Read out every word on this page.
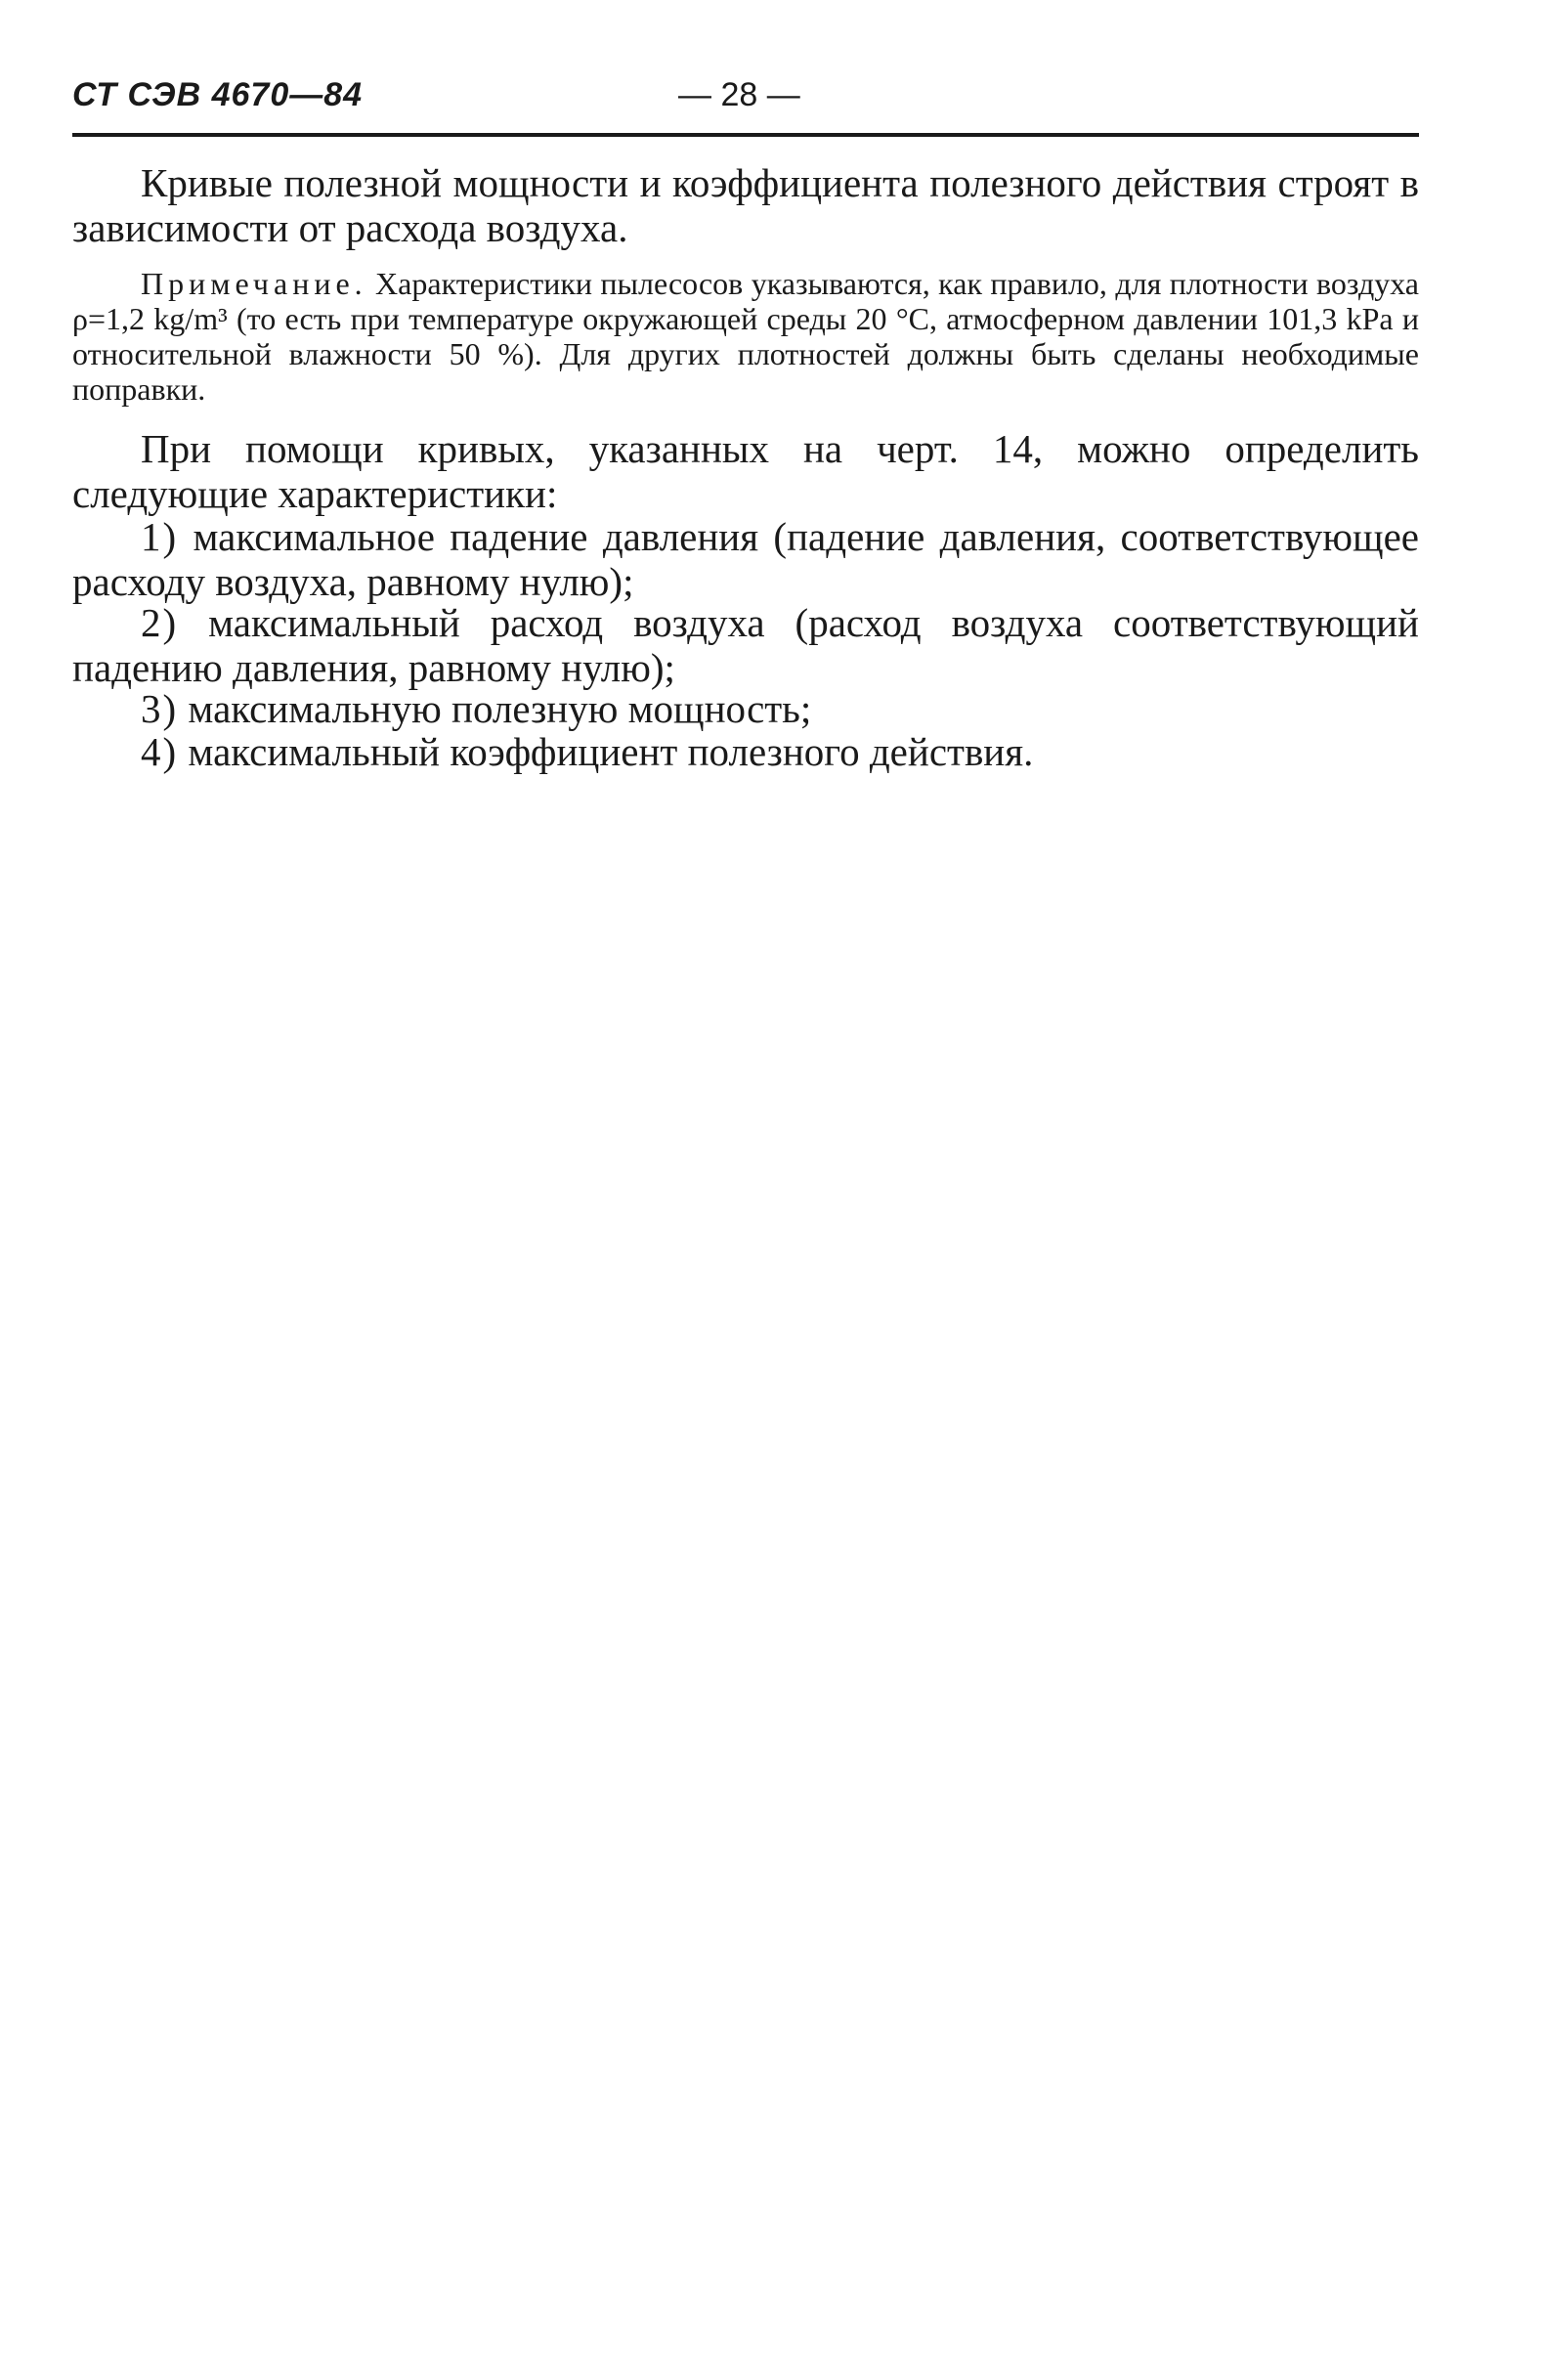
СТ СЭВ 4670—84	— 28 —

Кривые полезной мощности и коэффициента полезного действия строят в зависимости от расхода воздуха.

Примечание. Характеристики пылесосов указываются, как правило, для плотности воздуха ρ=1,2 kg/m³ (то есть при температуре окружающей среды 20 °С, атмосферном давлении 101,3 kPa и относительной влажности 50 %). Для других плотностей должны быть сделаны необходимые поправки.

При помощи кривых, указанных на черт. 14, можно определить следующие характеристики:

1) максимальное падение давления (падение давления, соответствующее расходу воздуха, равному нулю);

2) максимальный расход воздуха (расход воздуха соответствующий падению давления, равному нулю);

3) максимальную полезную мощность;

4) максимальный коэффициент полезного действия.
